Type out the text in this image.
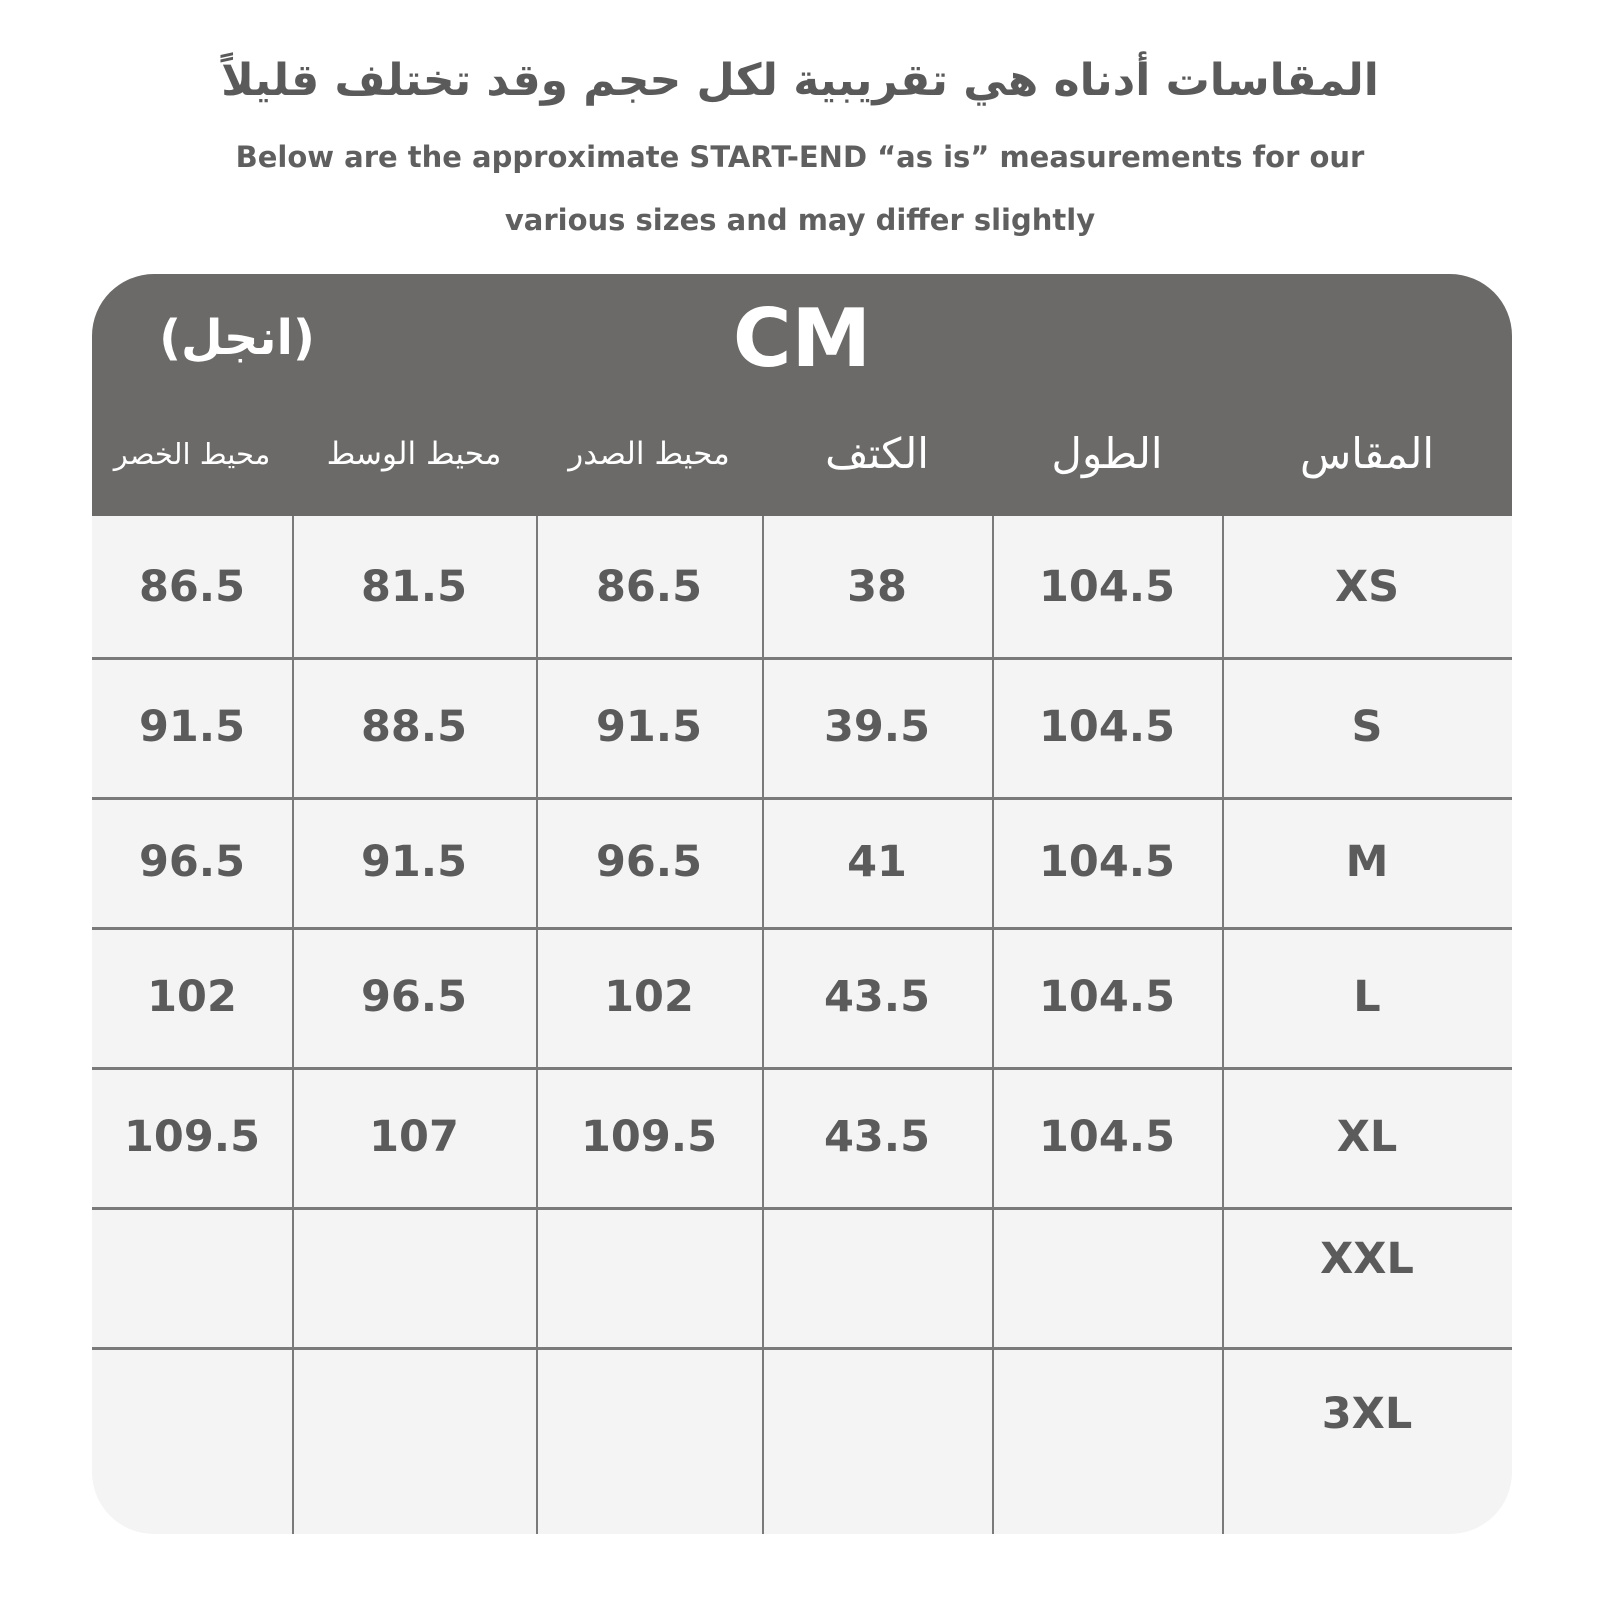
المقاسات أدناه هي تقريبية لكل حجم وقد تختلف قليلاً
Below are the approximate START-END “as is” measurements for our
various sizes and may differ slightly
(انجل)	CM
المقاس
الطول
الكتف
محيط الصدر
محيط الوسط
محيط الخصر
XS
104.5
38
86.5
81.5
86.5
S
104.5
39.5
91.5
88.5
91.5
M
104.5
41
96.5
91.5
96.5
L
104.5
43.5
102
96.5
102
XL
104.5
43.5
109.5
107
109.5
XXL
3XL
